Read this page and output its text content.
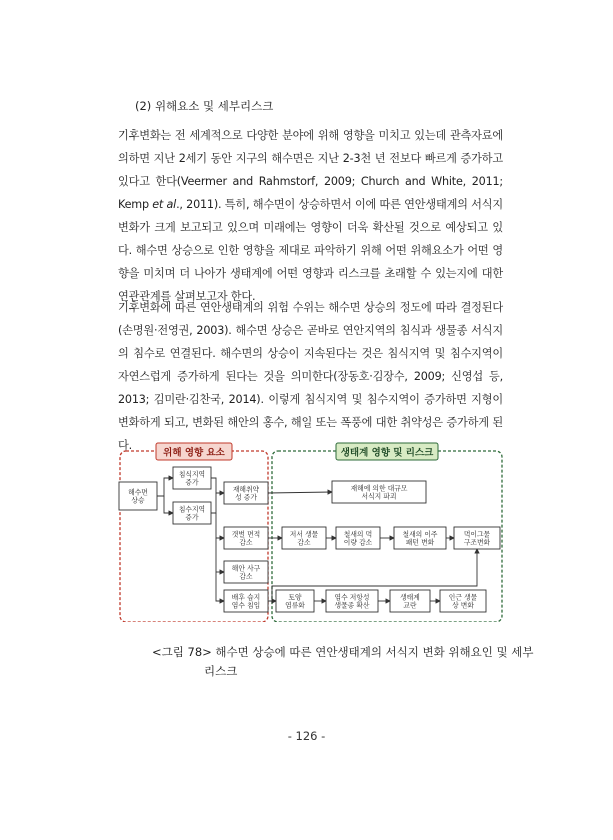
(2) 위해요소 및 세부리스크

기후변화는 전 세계적으로 다양한 분야에 위해 영향을 미치고 있는데 관측자료에 의하면 지난 2세기 동안 지구의 해수면은 지난 2-3천 년 전보다 빠르게 증가하고 있다고 한다(Veermer and Rahmstorf, 2009; Church and White, 2011; Kemp et al., 2011). 특히, 해수면이 상승하면서 이에 따른 연안생태계의 서식지 변화가 크게 보고되고 있으며 미래에는 영향이 더욱 확산될 것으로 예상되고 있다. 해수면 상승으로 인한 영향을 제대로 파악하기 위해 어떤 위해요소가 어떤 영향을 미치며 더 나아가 생태계에 어떤 영향과 리스크를 초래할 수 있는지에 대한 연관관계를 살펴보고자 한다.

기후변화에 따른 연안생태계의 위험 수위는 해수면 상승의 정도에 따라 결정된다(손명원·전영권, 2003). 해수면 상승은 곧바로 연안지역의 침식과 생물종 서식지의 침수로 연결된다. 해수면의 상승이 지속된다는 것은 침식지역 및 침수지역이 자연스럽게 증가하게 된다는 것을 의미한다(장동호·김장수, 2009; 신영섭 등, 2013; 김미란·김찬국, 2014). 이렇게 침식지역 및 침수지역이 증가하면 지형이 변화하게 되고, 변화된 해안의 홍수, 해일 또는 폭풍에 대한 취약성은 증가하게 된다.

위해 영향 요소	생태계 영향 및 리스크
해수면 상승
침식지역 증가
침수지역 증가
재해취약 성 증가
갯벌 면적 감소
해안 사구 감소
배후 습지 염수 침입
재해에 의한 대규모 서식지 파괴
저서 생물 감소
철새의 먹 이량 감소
철새의 이주 패턴 변화
먹이그물 구조변화
토양 염류화
염수 저항성 생물종 확산
생태계 교란
인근 생물 상 변화
<그림 78> 해수면 상승에 따른 연안생태계의 서식지 변화 위해요인 및 세부
리스크
- 126 -
